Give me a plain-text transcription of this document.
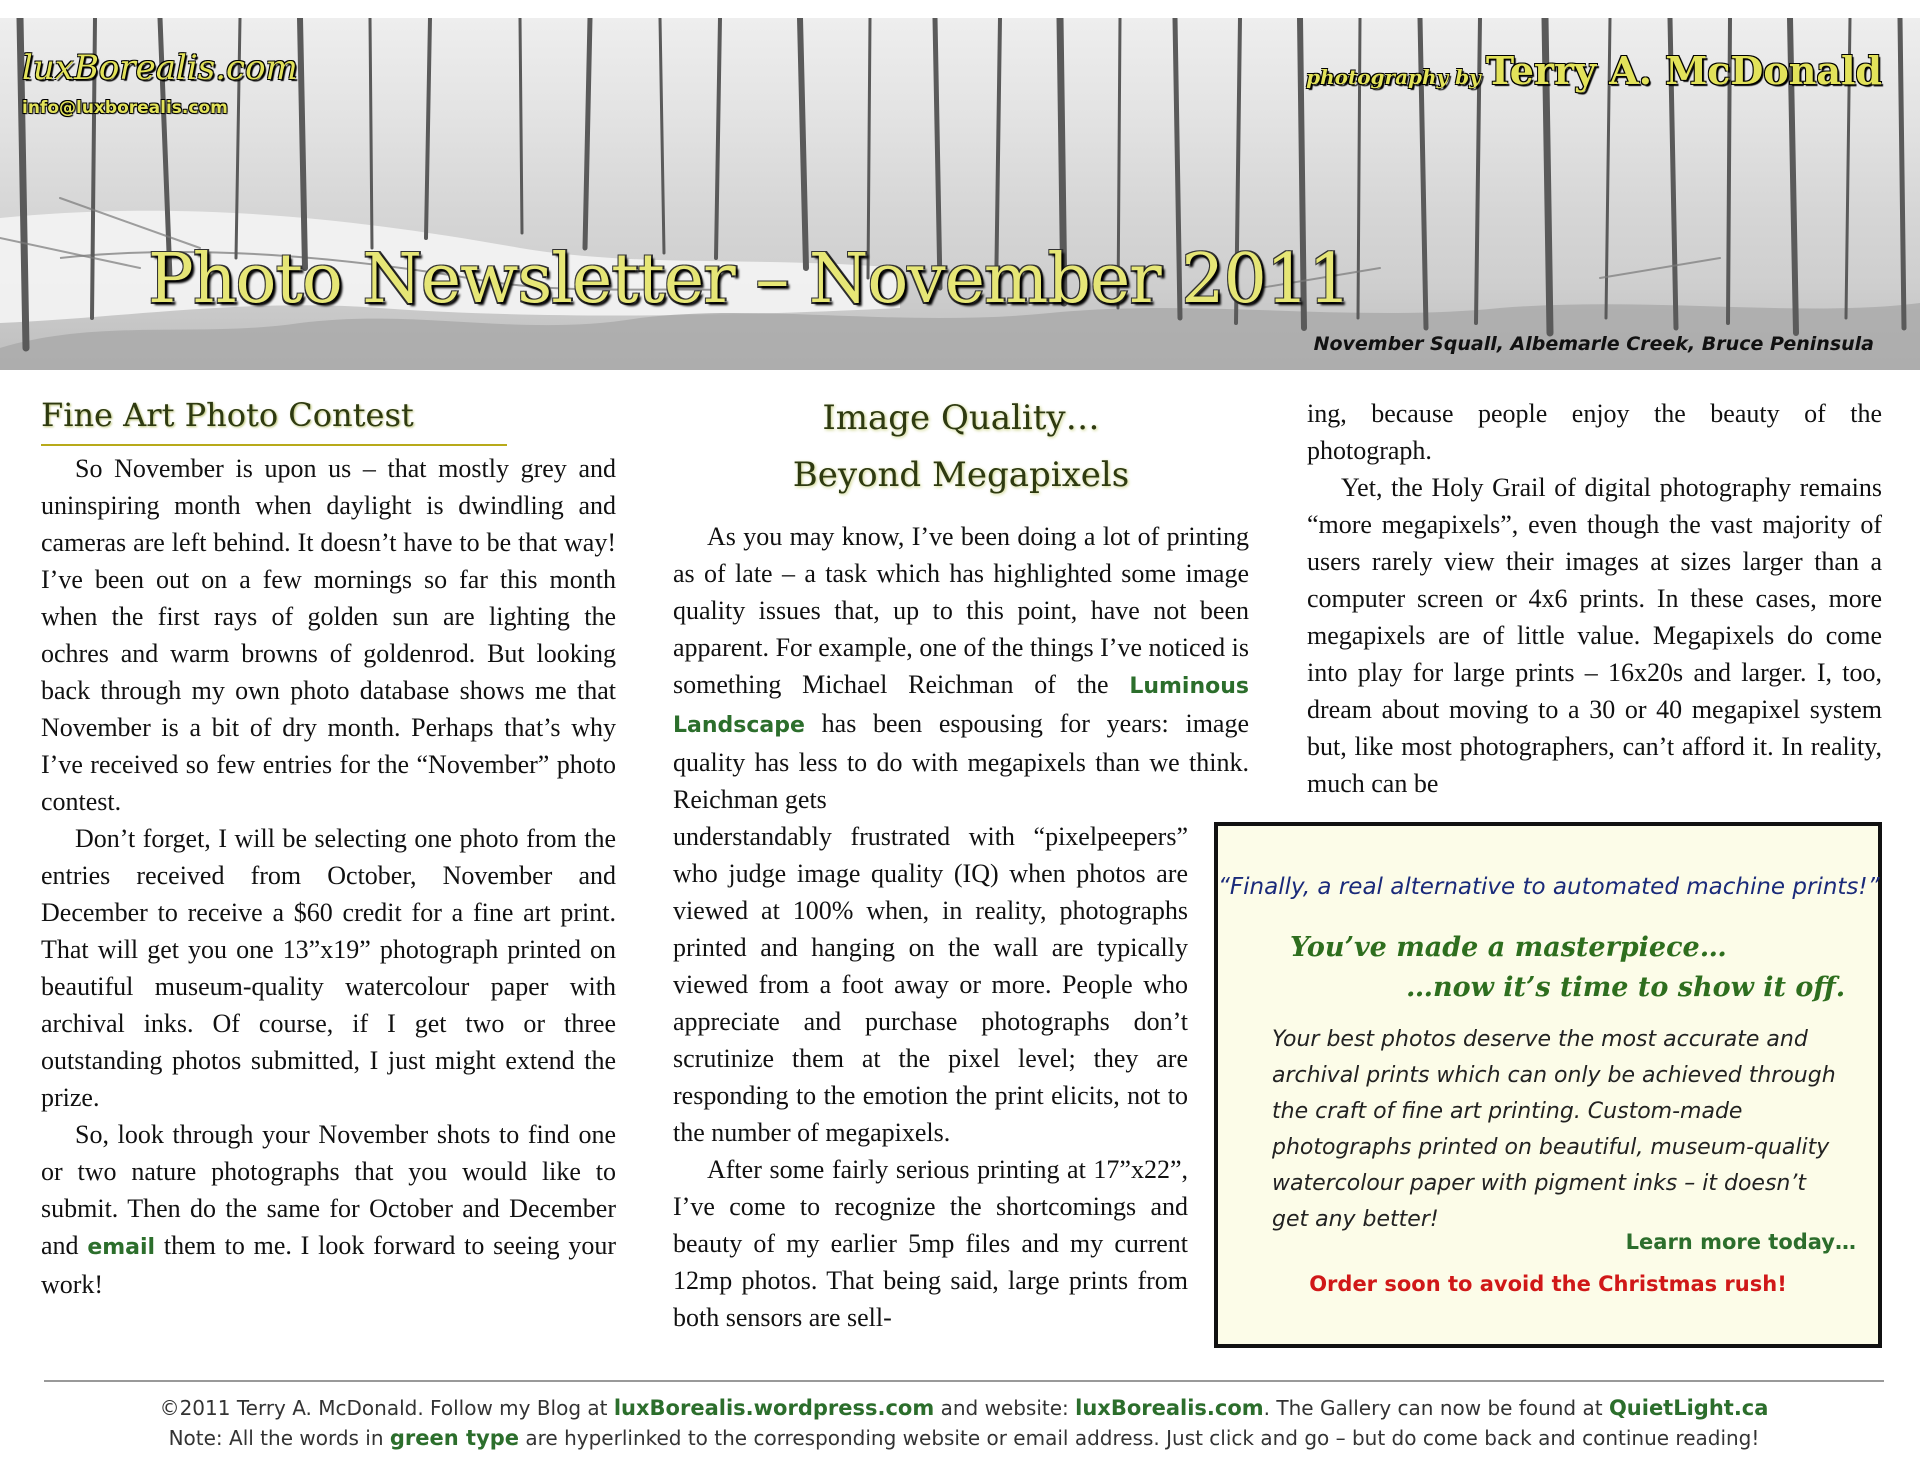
luxBorealis.com
info@luxborealis.com
photography by Terry A. McDonald
Photo Newsletter – November 2011
November Squall, Albemarle Creek, Bruce Peninsula
Fine Art Photo Contest

So November is upon us – that mostly grey and uninspiring month when daylight is dwindling and cameras are left behind. It doesn’t have to be that way! I’ve been out on a few mornings so far this month when the first rays of golden sun are lighting the ochres and warm browns of goldenrod. But looking back through my own photo database shows me that November is a bit of dry month. Perhaps that’s why I’ve received so few entries for the “November” photo contest.

Don’t forget, I will be selecting one photo from the entries received from October, November and December to receive a $60 credit for a fine art print. That will get you one 13”x19” photograph printed on beautiful museum-quality watercolour paper with archival inks. Of course, if I get two or three outstanding photos submitted, I just might extend the prize.

So, look through your November shots to find one or two nature photographs that you would like to submit. Then do the same for October and December and email them to me. I look forward to seeing your work!

Image Quality…
Beyond Megapixels

As you may know, I’ve been doing a lot of printing as of late – a task which has highlighted some image quality issues that, up to this point, have not been apparent. For example, one of the things I’ve noticed is something Michael Reichman of the Luminous Landscape has been espousing for years: image quality has less to do with megapixels than we think. Reichman gets

understandably frustrated with “pixelpeepers” who judge image quality (IQ) when photos are viewed at 100% when, in reality, photographs printed and hanging on the wall are typically viewed from a foot away or more. People who appreciate and purchase photographs don’t scrutinize them at the pixel level; they are responding to the emotion the print elicits, not to the number of megapixels.

After some fairly serious printing at 17”x22”, I’ve come to recognize the shortcomings and beauty of my earlier 5mp files and my current 12mp photos. That being said, large prints from both sensors are sell-

ing, because people enjoy the beauty of the photograph.

Yet, the Holy Grail of digital photography remains “more megapixels”, even though the vast majority of users rarely view their images at sizes larger than a computer screen or 4x6 prints. In these cases, more megapixels are of little value. Megapixels do come into play for large prints – 16x20s and larger. I, too, dream about moving to a 30 or 40 megapixel system but, like most photographers, can’t afford it. In reality, much can be

“Finally, a real alternative to automated machine prints!”
You’ve made a masterpiece…
…now it’s time to show it off.
Your best photos deserve the most accurate and archival prints which can only be achieved through the craft of fine art printing. Custom-made photographs printed on beautiful, museum-quality watercolour paper with pigment inks – it doesn’t get any better!
Learn more today…
Order soon to avoid the Christmas rush!
©2011 Terry A. McDonald. Follow my Blog at luxBorealis.wordpress.com and website: luxBorealis.com. The Gallery can now be found at QuietLight.ca
Note: All the words in green type are hyperlinked to the corresponding website or email address. Just click and go – but do come back and continue reading!
